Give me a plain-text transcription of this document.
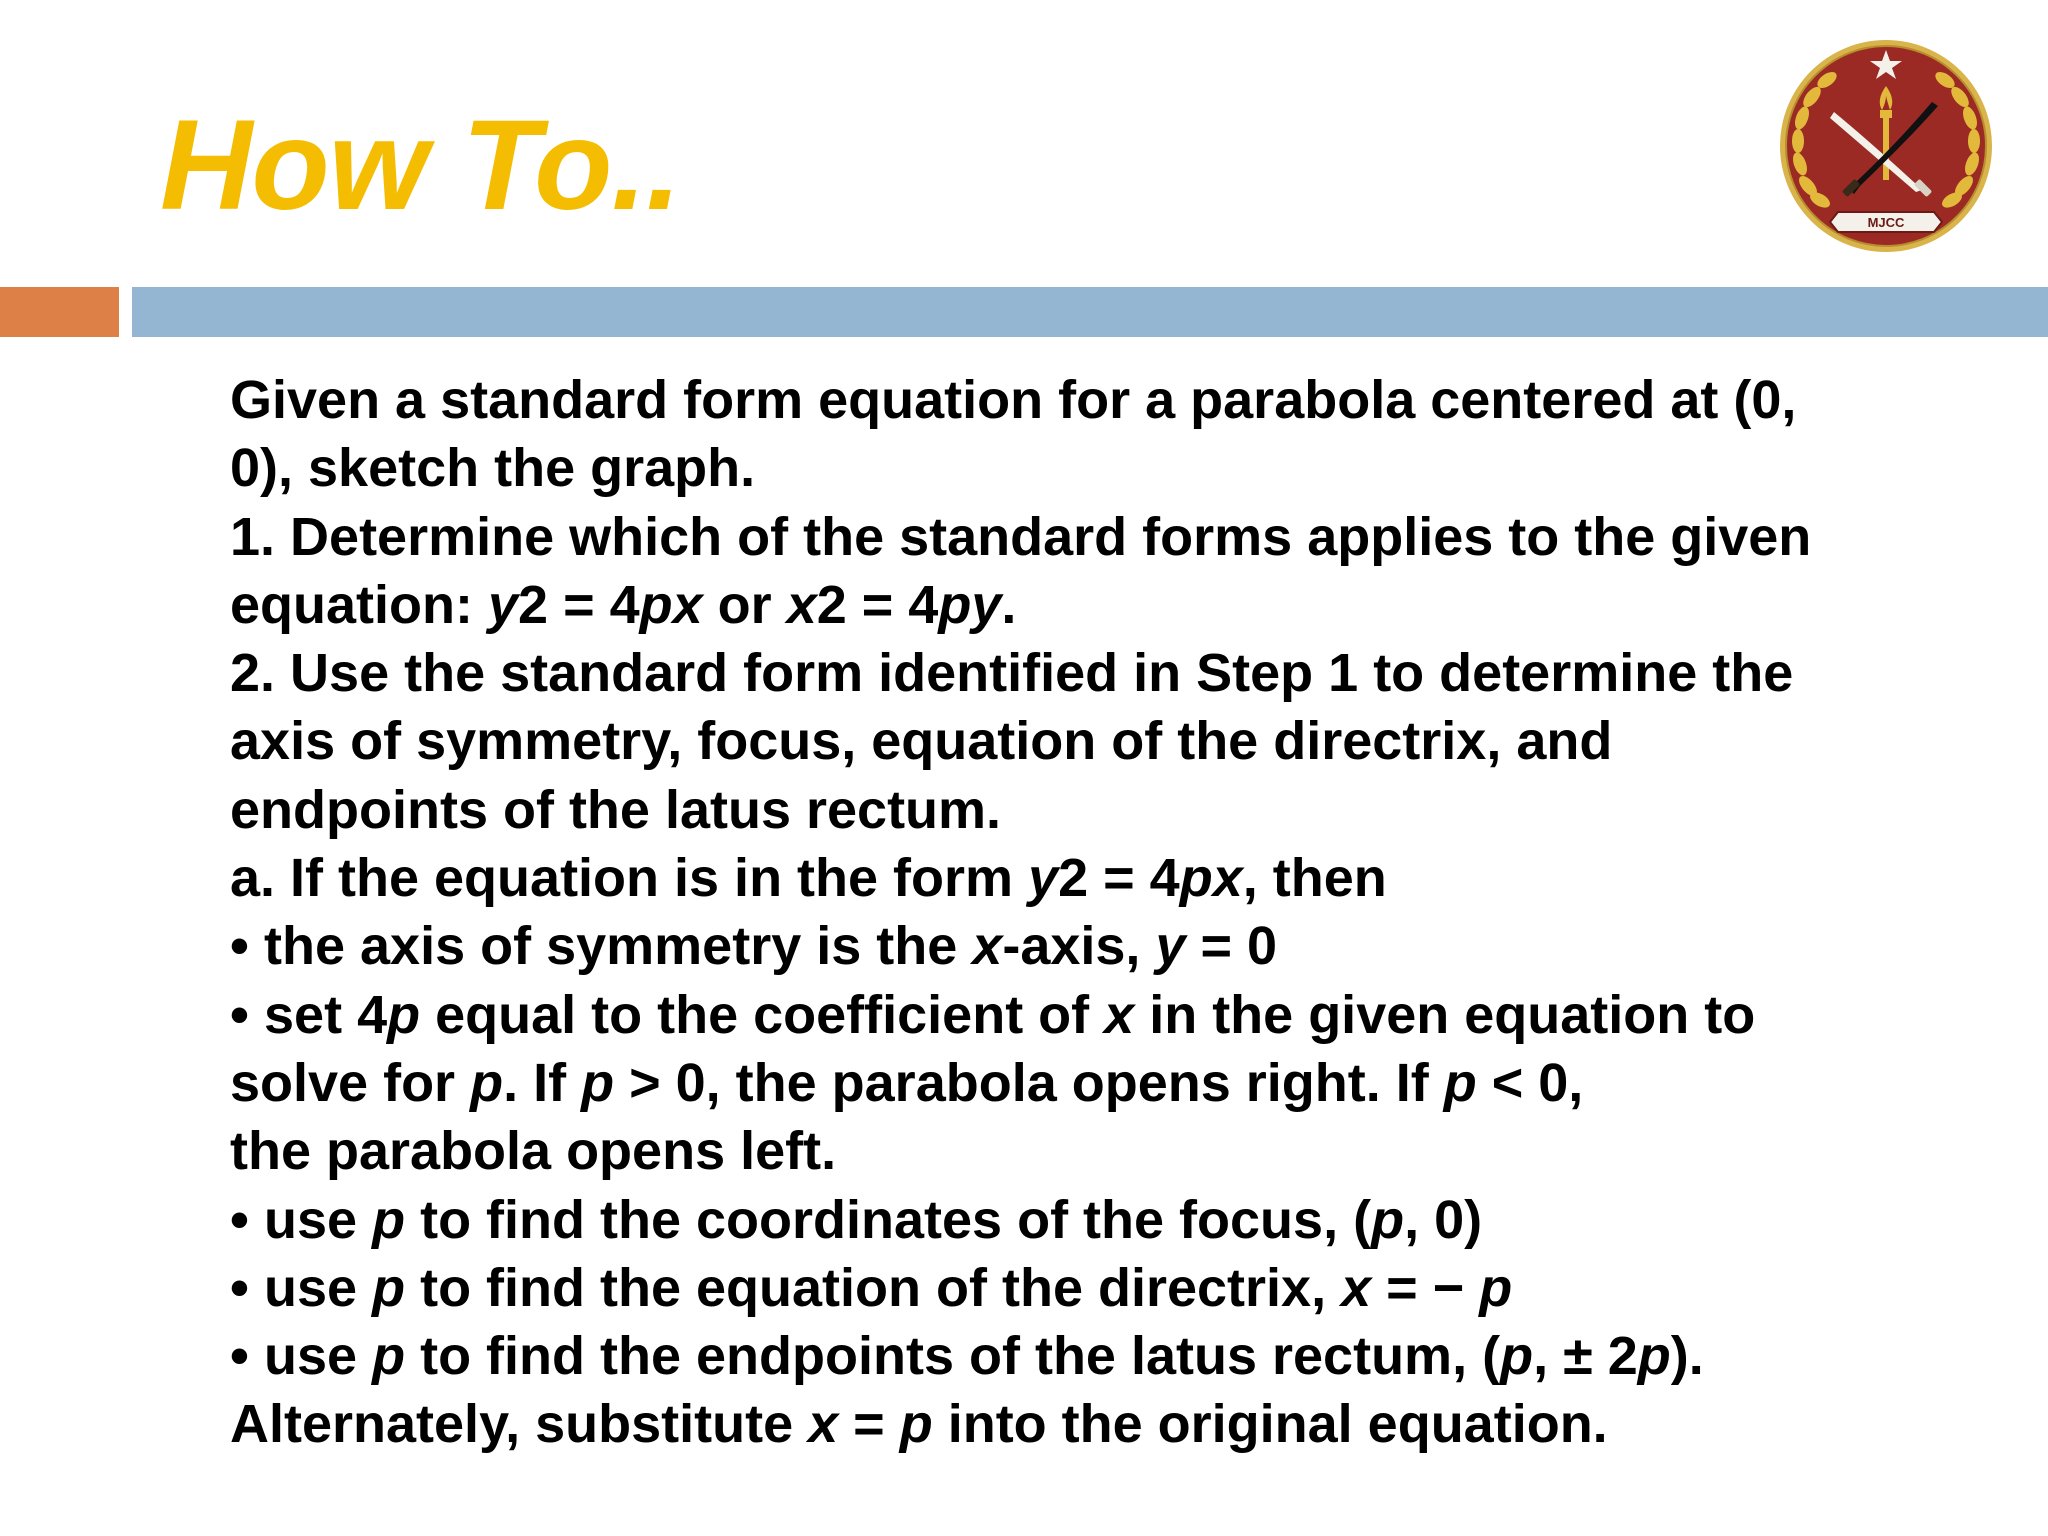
How To..	MJCC
Given a standard form equation for a parabola centered at (0,
0), sketch the graph.
1. Determine which of the standard forms applies to the given
equation: y2 = 4px or x2 = 4py.
2. Use the standard form identified in Step 1 to determine the
axis of symmetry, focus, equation of the directrix, and
endpoints of the latus rectum.
a. If the equation is in the form y2 = 4px, then
• the axis of symmetry is the x-axis, y = 0
• set 4p equal to the coefficient of x in the given equation to
solve for p. If p > 0, the parabola opens right. If p < 0,
the parabola opens left.
• use p to find the coordinates of the focus, (p, 0)
• use p to find the equation of the directrix, x = − p
• use p to find the endpoints of the latus rectum, (p, ± 2p).
Alternately, substitute x = p into the original equation.
